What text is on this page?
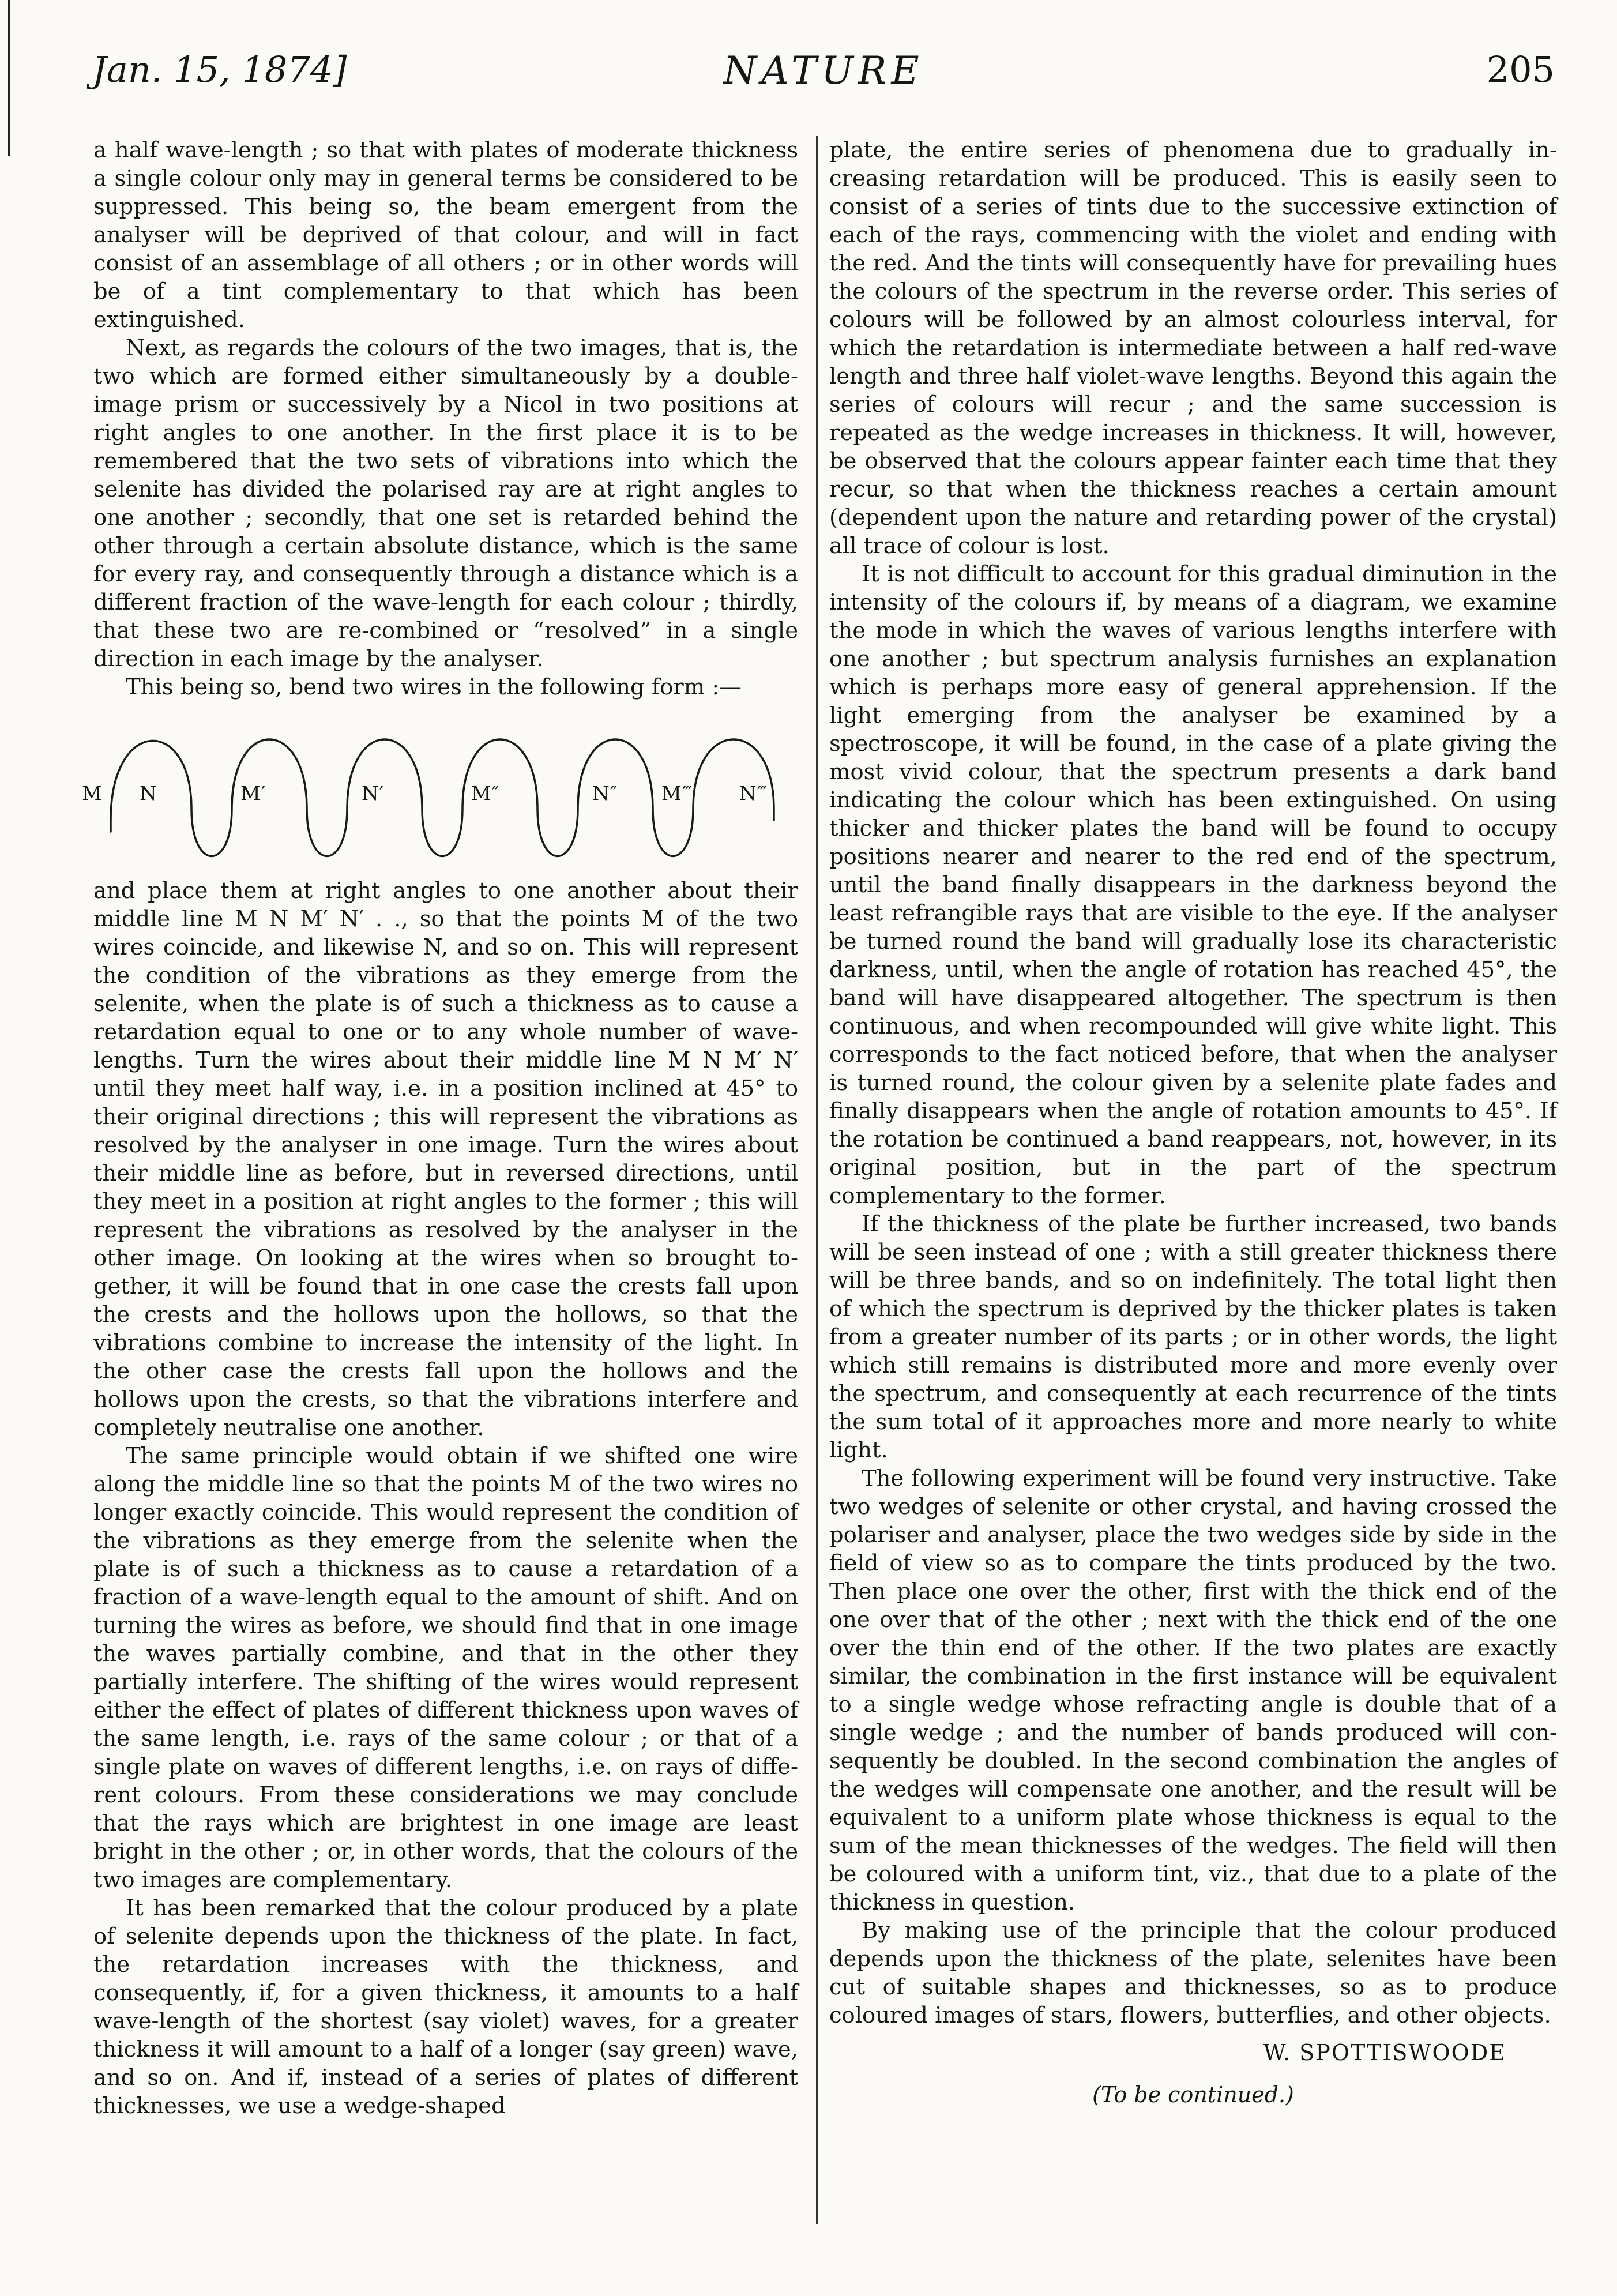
Jan. 15, 1874]	NATURE	205

a half wave-length ; so that with plates of moderate thickness a single colour only may in general terms be considered to be suppressed. This being so, the beam emergent from the analyser will be deprived of that colour, and will in fact consist of an assemblage of all others ; or in other words will be of a tint complementary to that which has been extinguished.

Next, as regards the colours of the two images, that is, the two which are formed either simultaneously by a double-image prism or successively by a Nicol in two positions at right angles to one another. In the first place it is to be remembered that the two sets of vibrations into which the selenite has divided the polarised ray are at right angles to one another ; secondly, that one set is retarded behind the other through a certain absolute distance, which is the same for every ray, and consequently through a distance which is a different fraction of the wave-length for each colour ; thirdly, that these two are re-combined or “resolved” in a single direction in each image by the analyser.

This being so, bend two wires in the following form :—

M N	M′	N′	M″	N″ M‴ N‴

and place them at right angles to one another about their middle line M N M′ N′ . ., so that the points M of the two wires coincide, and likewise N, and so on. This will represent the condition of the vibrations as they emerge from the selenite, when the plate is of such a thickness as to cause a retardation equal to one or to any whole number of wave-lengths. Turn the wires about their middle line M N M′ N′ until they meet half way, i.e. in a position inclined at 45° to their original directions ; this will represent the vibrations as resolved by the analyser in one image. Turn the wires about their middle line as before, but in reversed directions, until they meet in a position at right angles to the former ; this will represent the vibrations as resolved by the analyser in the other image. On looking at the wires when so brought together, it will be found that in one case the crests fall upon the crests and the hollows upon the hollows, so that the vibrations combine to increase the intensity of the light. In the other case the crests fall upon the hollows and the hollows upon the crests, so that the vibrations interfere and completely neutralise one another.

The same principle would obtain if we shifted one wire along the middle line so that the points M of the two wires no longer exactly coincide. This would represent the condition of the vibrations as they emerge from the selenite when the plate is of such a thickness as to cause a retardation of a fraction of a wave-length equal to the amount of shift. And on turning the wires as before, we should find that in one image the waves partially combine, and that in the other they partially interfere. The shifting of the wires would represent either the effect of plates of different thickness upon waves of the same length, i.e. rays of the same colour ; or that of a single plate on waves of different lengths, i.e. on rays of different colours. From these considerations we may conclude that the rays which are brightest in one image are least bright in the other ; or, in other words, that the colours of the two images are complementary.

It has been remarked that the colour produced by a plate of selenite depends upon the thickness of the plate. In fact, the retardation increases with the thickness, and consequently, if, for a given thickness, it amounts to a half wave-length of the shortest (say violet) waves, for a greater thickness it will amount to a half of a longer (say green) wave, and so on. And if, instead of a series of plates of different thicknesses, we use a wedge-shaped

plate, the entire series of phenomena due to gradually increasing retardation will be produced. This is easily seen to consist of a series of tints due to the successive extinction of each of the rays, commencing with the violet and ending with the red. And the tints will consequently have for prevailing hues the colours of the spectrum in the reverse order. This series of colours will be followed by an almost colourless interval, for which the retardation is intermediate between a half red-wave length and three half violet-wave lengths. Beyond this again the series of colours will recur ; and the same succession is repeated as the wedge increases in thickness. It will, however, be observed that the colours appear fainter each time that they recur, so that when the thickness reaches a certain amount (dependent upon the nature and retarding power of the crystal) all trace of colour is lost.

It is not difficult to account for this gradual diminution in the intensity of the colours if, by means of a diagram, we examine the mode in which the waves of various lengths interfere with one another ; but spectrum analysis furnishes an explanation which is perhaps more easy of general apprehension. If the light emerging from the analyser be examined by a spectroscope, it will be found, in the case of a plate giving the most vivid colour, that the spectrum presents a dark band indicating the colour which has been extinguished. On using thicker and thicker plates the band will be found to occupy positions nearer and nearer to the red end of the spectrum, until the band finally disappears in the darkness beyond the least refrangible rays that are visible to the eye. If the analyser be turned round the band will gradually lose its characteristic darkness, until, when the angle of rotation has reached 45°, the band will have disappeared altogether. The spectrum is then continuous, and when recompounded will give white light. This corresponds to the fact noticed before, that when the analyser is turned round, the colour given by a selenite plate fades and finally disappears when the angle of rotation amounts to 45°. If the rotation be continued a band reappears, not, however, in its original position, but in the part of the spectrum complementary to the former.

If the thickness of the plate be further increased, two bands will be seen instead of one ; with a still greater thickness there will be three bands, and so on indefinitely. The total light then of which the spectrum is deprived by the thicker plates is taken from a greater number of its parts ; or in other words, the light which still remains is distributed more and more evenly over the spectrum, and consequently at each recurrence of the tints the sum total of it approaches more and more nearly to white light.

The following experiment will be found very instructive. Take two wedges of selenite or other crystal, and having crossed the polariser and analyser, place the two wedges side by side in the field of view so as to compare the tints produced by the two. Then place one over the other, first with the thick end of the one over that of the other ; next with the thick end of the one over the thin end of the other. If the two plates are exactly similar, the combination in the first instance will be equivalent to a single wedge whose refracting angle is double that of a single wedge ; and the number of bands produced will consequently be doubled. In the second combination the angles of the wedges will compensate one another, and the result will be equivalent to a uniform plate whose thickness is equal to the sum of the mean thicknesses of the wedges. The field will then be coloured with a uniform tint, viz., that due to a plate of the thickness in question.

By making use of the principle that the colour produced depends upon the thickness of the plate, selenites have been cut of suitable shapes and thicknesses, so as to produce coloured images of stars, flowers, butterflies, and other objects.

W. SPOTTISWOODE
(To be continued.)
